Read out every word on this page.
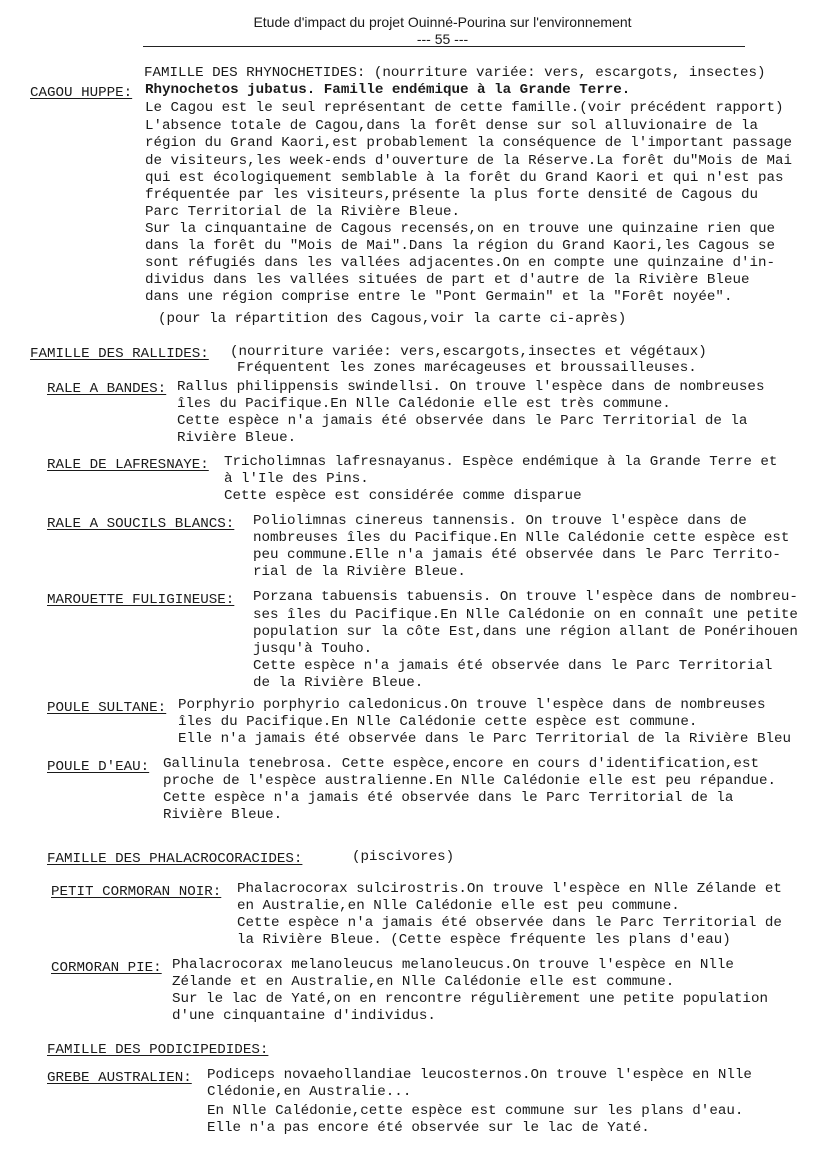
Etude d'impact du projet Ouinné-Pourina sur l'environnement
--- 55 ---
FAMILLE DES RHYNOCHETIDES: (nourriture variée: vers, escargots, insectes)
CAGOU HUPPE: Rhynochetos jubatus. Famille endémique à la Grande Terre.
Le Cagou est le seul représentant de cette famille.(voir précédent rapport)
L'absence totale de Cagou,dans la forêt dense sur sol alluvionaire de la
région du Grand Kaori,est probablement la conséquence de l'important passage
de visiteurs,les week-ends d'ouverture de la Réserve.La forêt du"Mois de Mai
qui est écologiquement semblable à la forêt du Grand Kaori et qui n'est pas
fréquentée par les visiteurs,présente la plus forte densité de Cagous du
Parc Territorial de la Rivière Bleue.
Sur la cinquantaine de Cagous recensés,on en trouve une quinzaine rien que
dans la forêt du "Mois de Mai".Dans la région du Grand Kaori,les Cagous se
sont réfugiés dans les vallées adjacentes.On en compte une quinzaine d'in-
dividus dans les vallées situées de part et d'autre de la Rivière Bleue
dans une région comprise entre le "Pont Germain" et la "Forêt noyée".
(pour la répartition des Cagous,voir la carte ci-après)
FAMILLE DES RALLIDES: (nourriture variée: vers,escargots,insectes et végétaux)
Fréquentent les zones marécageuses et broussailleuses.
RALE A BANDES: Rallus philippensis swindellsi. On trouve l'espèce dans de nombreuses
îles du Pacifique.En Nlle Calédonie elle est très commune.
Cette espèce n'a jamais été observée dans le Parc Territorial de la
Rivière Bleue.
RALE DE LAFRESNAYE: Tricholimnas lafresnayanus. Espèce endémique à la Grande Terre et
à l'Ile des Pins.
Cette espèce est considérée comme disparue
RALE A SOUCILS BLANCS: Poliolimnas cinereus tannensis. On trouve l'espèce dans de
nombreuses îles du Pacifique.En Nlle Calédonie cette espèce est
peu commune.Elle n'a jamais été observée dans le Parc Territo-
rial de la Rivière Bleue.
MAROUETTE FULIGINEUSE: Porzana tabuensis tabuensis. On trouve l'espèce dans de nombreu-
ses îles du Pacifique.En Nlle Calédonie on en connaît une petite
population sur la côte Est,dans une région allant de Ponérihouen
jusqu'à Touho.
Cette espèce n'a jamais été observée dans le Parc Territorial
de la Rivière Bleue.
POULE SULTANE: Porphyrio porphyrio caledonicus.On trouve l'espèce dans de nombreuses
îles du Pacifique.En Nlle Calédonie cette espèce est commune.
Elle n'a jamais été observée dans le Parc Territorial de la Rivière Bleu
POULE D'EAU: Gallinula tenebrosa. Cette espèce,encore en cours d'identification,est
proche de l'espèce australienne.En Nlle Calédonie elle est peu répandue.
Cette espèce n'a jamais été observée dans le Parc Territorial de la
Rivière Bleue.
FAMILLE DES PHALACROCORACIDES:	(piscivores)
PETIT CORMORAN NOIR: Phalacrocorax sulcirostris.On trouve l'espèce en Nlle Zélande et
en Australie,en Nlle Calédonie elle est peu commune.
Cette espèce n'a jamais été observée dans le Parc Territorial de
la Rivière Bleue. (Cette espèce fréquente les plans d'eau)
CORMORAN PIE: Phalacrocorax melanoleucus melanoleucus.On trouve l'espèce en Nlle
Zélande et en Australie,en Nlle Calédonie elle est commune.
Sur le lac de Yaté,on en rencontre régulièrement une petite population
d'une cinquantaine d'individus.
FAMILLE DES PODICIPEDIDES:
GREBE AUSTRALIEN: Podiceps novaehollandiae leucosternos.On trouve l'espèce en Nlle
Clédonie,en Australie...
En Nlle Calédonie,cette espèce est commune sur les plans d'eau.
Elle n'a pas encore été observée sur le lac de Yaté.
